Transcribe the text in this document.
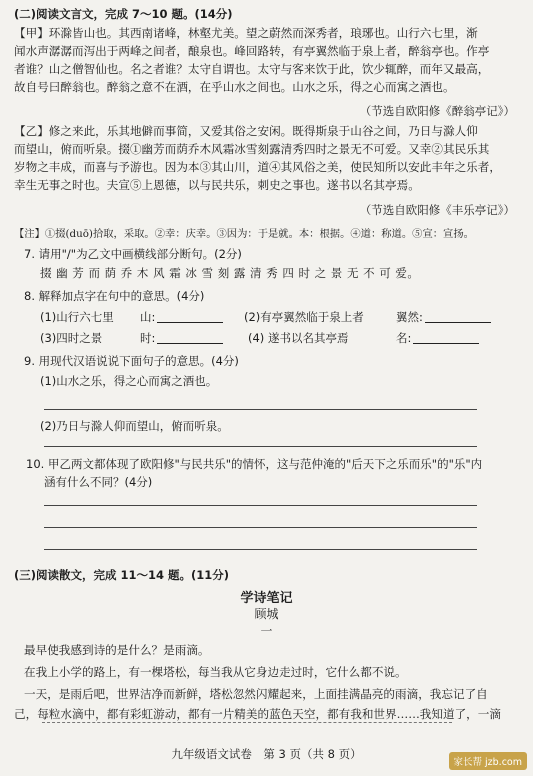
(二)阅读文言文，完成 7～10 题。(14分)
【甲】环滁皆山也。其西南诸峰，林壑尤美。望之蔚然而深秀者，琅琊也。山行六七里，渐
闻水声潺潺而泻出于两峰之间者，酿泉也。峰回路转，有亭翼然临于泉上者，醉翁亭也。作亭
者谁？山之僧智仙也。名之者谁？太守自谓也。太守与客来饮于此，饮少辄醉，而年又最高，
故自号曰醉翁也。醉翁之意不在酒，在乎山水之间也。山水之乐，得之心而寓之酒也。
（节选自欧阳修《醉翁亭记》）
【乙】修之来此，乐其地僻而事简，又爱其俗之安闲。既得斯泉于山谷之间，乃日与滁人仰
而望山，俯而听泉。掇①幽芳而荫乔木风霜冰雪刻露清秀四时之景无不可爱。又幸②其民乐其
岁物之丰成，而喜与予游也。因为本③其山川，道④其风俗之美，使民知所以安此丰年之乐者，
幸生无事之时也。夫宣⑤上恩德，以与民共乐，刺史之事也。遂书以名其亭焉。
（节选自欧阳修《丰乐亭记》）
【注】①掇(duō)拾取，采取。②幸：庆幸。③因为：于是就。本：根据。④道：称道。⑤宣：宣扬。
7. 请用"/"为乙文中画横线部分断句。(2分)
掇 幽 芳 而 荫 乔 木 风 霜 冰 雪 刻 露 清 秀 四 时 之 景 无 不 可 爱。
8. 解释加点字在句中的意思。(4分)
(1)山行六七里 山:	(2)有亭翼然临于泉上者	翼然:
(3)四时之景	时:	(4) 遂书以名其亭焉	名:
9. 用现代汉语说说下面句子的意思。(4分)
(1)山水之乐，得之心而寓之酒也。
(2)乃日与滁人仰而望山，俯而听泉。
10. 甲乙两文都体现了欧阳修"与民共乐"的情怀，这与范仲淹的"后天下之乐而乐"的"乐"内
涵有什么不同？(4分)
(三)阅读散文，完成 11～14 题。(11分)
学诗笔记
顾城
一
最早使我感到诗的是什么？是雨滴。
在我上小学的路上，有一棵塔松，每当我从它身边走过时，它什么都不说。
一天，是雨后吧，世界洁净而新鲜，塔松忽然闪耀起来，上面挂满晶亮的雨滴，我忘记了自
己，每粒水滴中，都有彩虹游动，都有一片精美的蓝色天空，都有我和世界……我知道了，一滴
九年级语文试卷　第 3 页（共 8 页）
家长帮 jzb.com
